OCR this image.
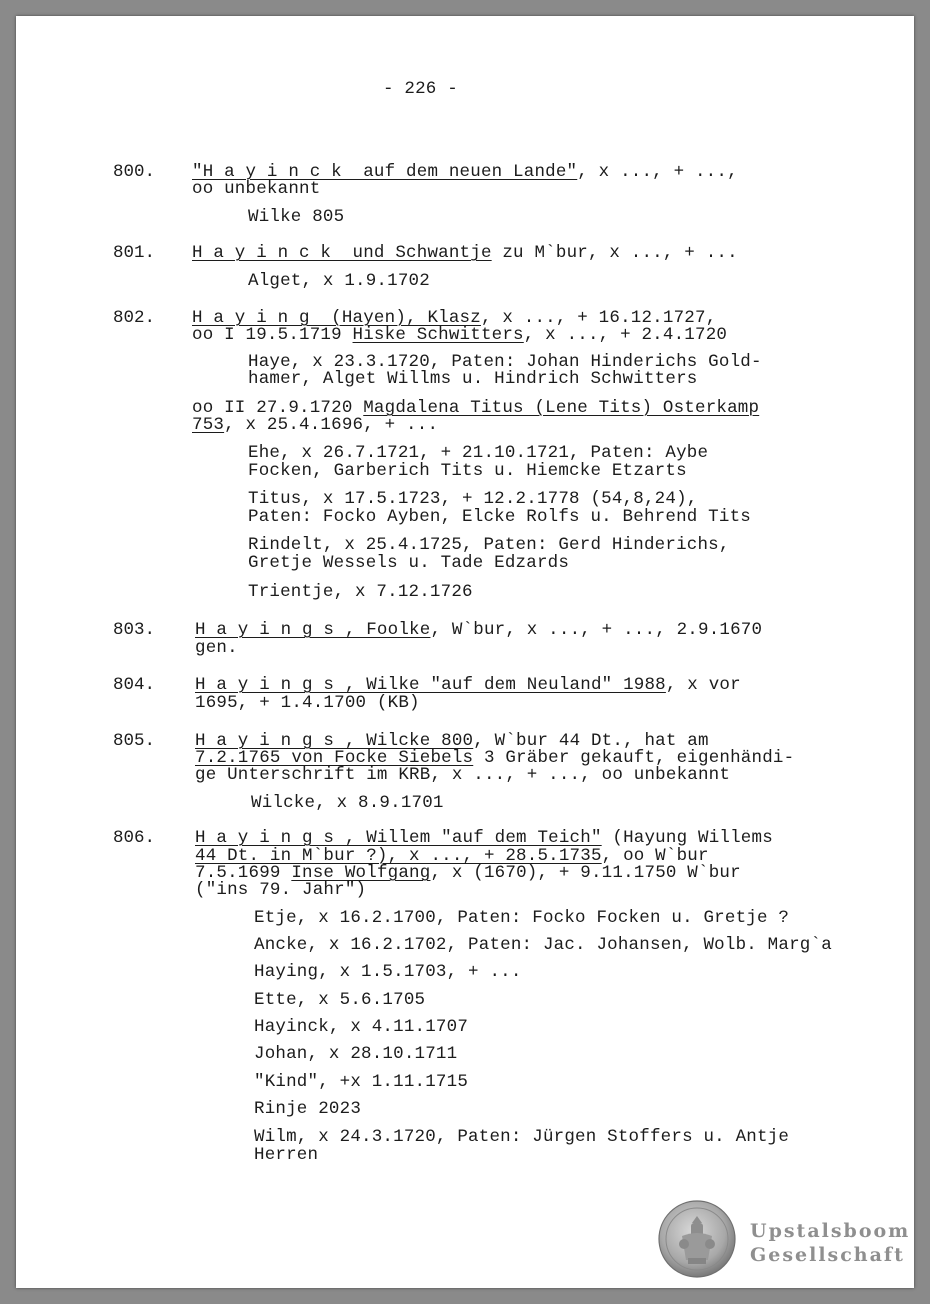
- 226 -
800. "H a y i n c k  auf dem neuen Lande", x ..., + ...,
oo unbekannt
Wilke 805
801. H a y i n c k  und Schwantje zu M`bur, x ..., + ...
Alget, x 1.9.1702
802. H a y i n g  (Hayen), Klasz, x ..., + 16.12.1727,
oo I 19.5.1719 Hiske Schwitters, x ..., + 2.4.1720
Haye, x 23.3.1720, Paten: Johan Hinderichs Gold-
hamer, Alget Willms u. Hindrich Schwitters
oo II 27.9.1720 Magdalena Titus (Lene Tits) Osterkamp
753, x 25.4.1696, + ...
Ehe, x 26.7.1721, + 21.10.1721, Paten: Aybe
Focken, Garberich Tits u. Hiemcke Etzarts
Titus, x 17.5.1723, + 12.2.1778 (54,8,24),
Paten: Focko Ayben, Elcke Rolfs u. Behrend Tits
Rindelt, x 25.4.1725, Paten: Gerd Hinderichs,
Gretje Wessels u. Tade Edzards
Trientje, x 7.12.1726
803. H a y i n g s , Foolke, W`bur, x ..., + ..., 2.9.1670
gen.
804. H a y i n g s , Wilke "auf dem Neuland" 1988, x vor
1695, + 1.4.1700 (KB)
805. H a y i n g s , Wilcke 800, W`bur 44 Dt., hat am
7.2.1765 von Focke Siebels 3 Gräber gekauft, eigenhändi-
ge Unterschrift im KRB, x ..., + ..., oo unbekannt
Wilcke, x 8.9.1701
806. H a y i n g s , Willem "auf dem Teich" (Hayung Willems
44 Dt. in M`bur ?), x ..., + 28.5.1735, oo W`bur
7.5.1699 Inse Wolfgang, x (1670), + 9.11.1750 W`bur
("ins 79. Jahr")
Etje, x 16.2.1700, Paten: Focko Focken u. Gretje ?
Ancke, x 16.2.1702, Paten: Jac. Johansen, Wolb. Marg`a
Haying, x 1.5.1703, + ...
Ette, x 5.6.1705
Hayinck, x 4.11.1707
Johan, x 28.10.1711
"Kind", +x 1.11.1715
Rinje 2023
Wilm, x 24.3.1720, Paten: Jürgen Stoffers u. Antje
Herren
Upstalsboom
Gesellschaft
